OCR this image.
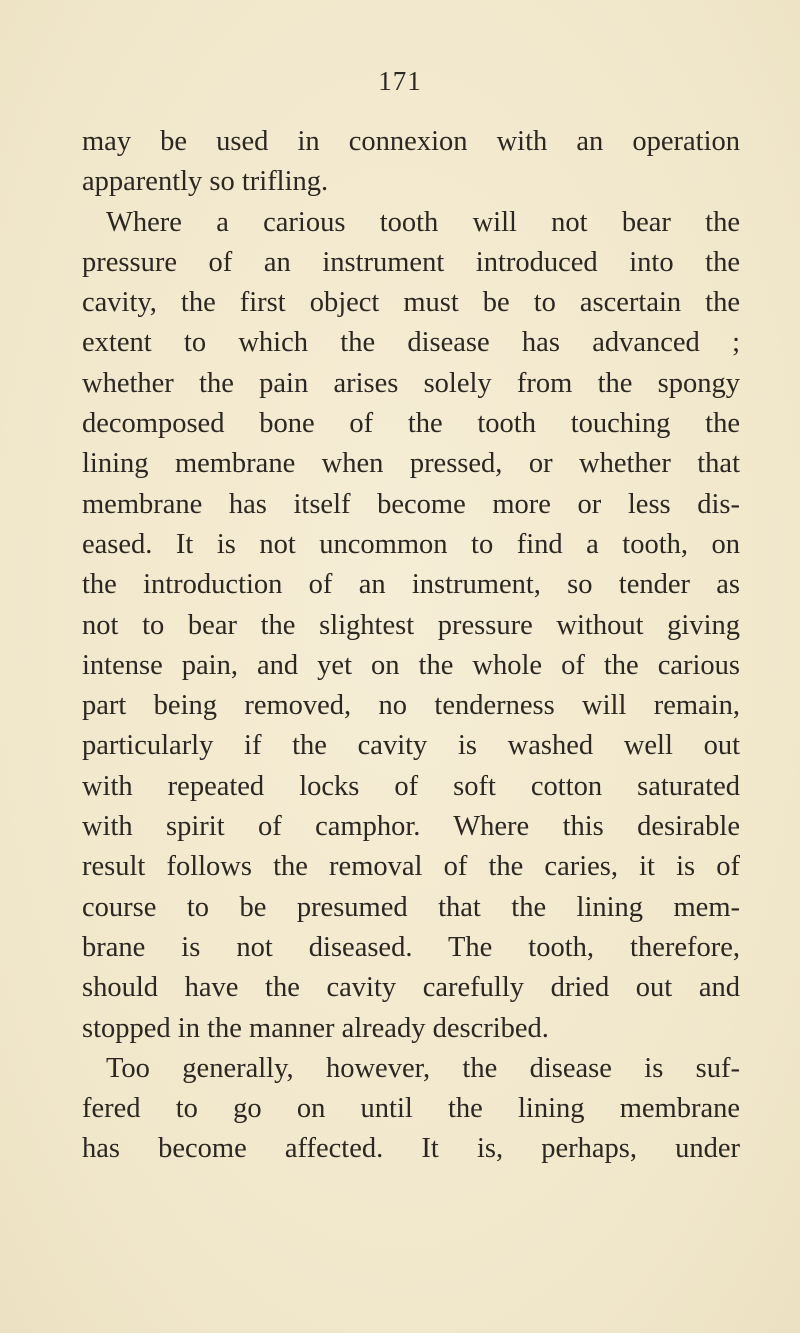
171
may be used in connexion with an operation
apparently so trifling.
Where a carious tooth will not bear the
pressure of an instrument introduced into the
cavity, the first object must be to ascertain the
extent to which the disease has advanced ;
whether the pain arises solely from the spongy
decomposed bone of the tooth touching the
lining membrane when pressed, or whether that
membrane has itself become more or less dis-
eased. It is not uncommon to find a tooth, on
the introduction of an instrument, so tender as
not to bear the slightest pressure without giving
intense pain, and yet on the whole of the carious
part being removed, no tenderness will remain,
particularly if the cavity is washed well out
with repeated locks of soft cotton saturated
with spirit of camphor. Where this desirable
result follows the removal of the caries, it is of
course to be presumed that the lining mem-
brane is not diseased. The tooth, therefore,
should have the cavity carefully dried out and
stopped in the manner already described.
Too generally, however, the disease is suf-
fered to go on until the lining membrane
has become affected. It is, perhaps, under
